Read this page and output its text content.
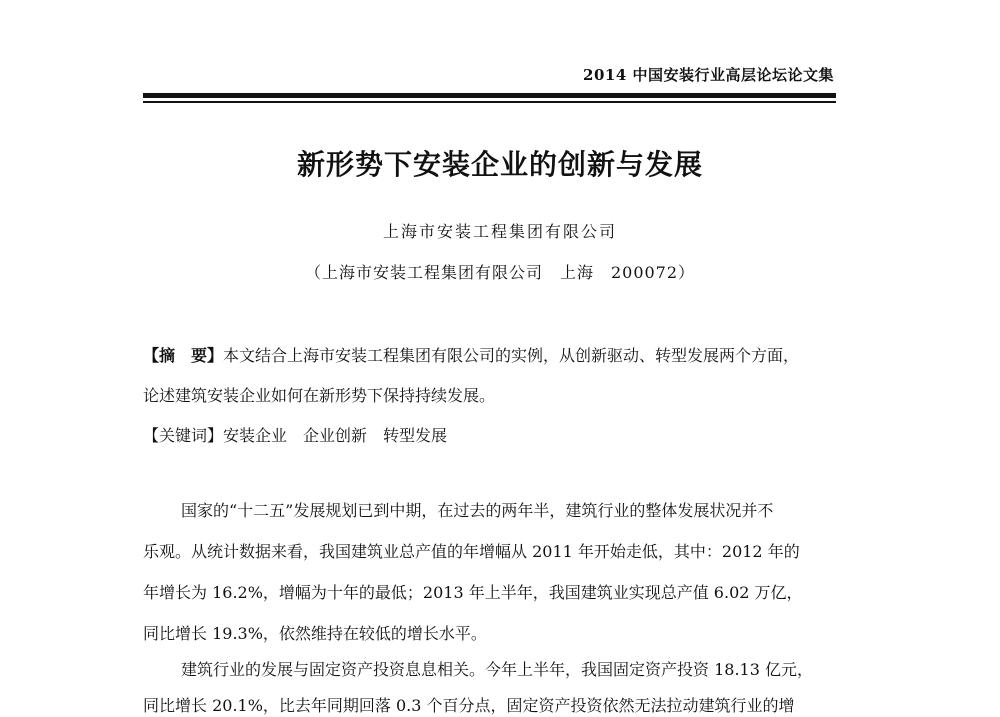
2014 中国安装行业高层论坛论文集
新形势下安装企业的创新与发展
上海市安装工程集团有限公司
（上海市安装工程集团有限公司　上海　200072）
【摘　要】本文结合上海市安装工程集团有限公司的实例，从创新驱动、转型发展两个方面，
论述建筑安装企业如何在新形势下保持持续发展。
【关键词】安装企业　企业创新　转型发展
国家的“十二五”发展规划已到中期，在过去的两年半，建筑行业的整体发展状况并不
乐观。从统计数据来看，我国建筑业总产值的年增幅从 2011 年开始走低，其中：2012 年的
年增长为 16.2%，增幅为十年的最低；2013 年上半年，我国建筑业实现总产值 6.02 万亿，
同比增长 19.3%，依然维持在较低的增长水平。
建筑行业的发展与固定资产投资息息相关。今年上半年，我国固定资产投资 18.13 亿元，
同比增长 20.1%，比去年同期回落 0.3 个百分点，固定资产投资依然无法拉动建筑行业的增
